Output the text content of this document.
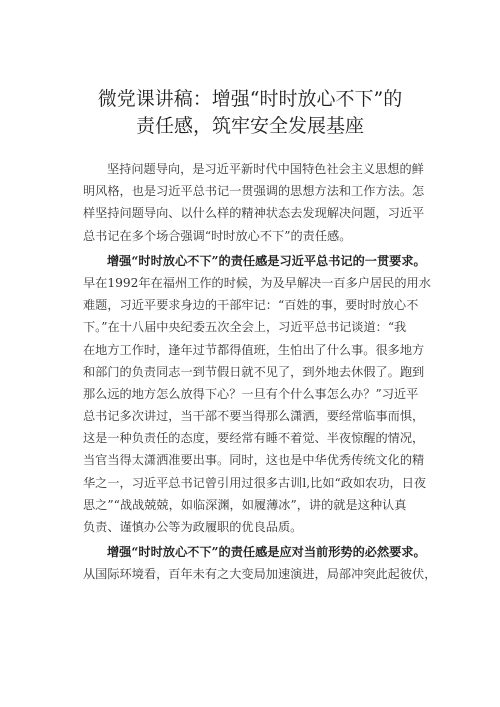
微党课讲稿：增强“时时放心不下”的
责任感，筑牢安全发展基座
坚持问题导向，是习近平新时代中国特色社会主义思想的鲜
明风格，也是习近平总书记一贯强调的思想方法和工作方法。怎
样坚持问题导向、以什么样的精神状态去发现解决问题，习近平
总书记在多个场合强调“时时放心不下”的责任感。
增强“时时放心不下”的责任感是习近平总书记的一贯要求。
早在1992年在福州工作的时候，为及早解决一百多户居民的用水
难题，习近平要求身边的干部牢记：“百姓的事，要时时放心不
下。”在十八届中央纪委五次全会上，习近平总书记谈道：“我
在地方工作时，逢年过节都得值班，生怕出了什么事。很多地方
和部门的负责同志一到节假日就不见了，到外地去休假了。跑到
那么远的地方怎么放得下心？一旦有个什么事怎么办？”习近平
总书记多次讲过，当干部不要当得那么潇洒，要经常临事而惧，
这是一种负责任的态度，要经常有睡不着觉、半夜惊醒的情况，
当官当得太潇洒准要出事。同时，这也是中华优秀传统文化的精
华之一，习近平总书记曾引用过很多古训l,比如“政如农功，日夜
思之”“战战兢兢，如临深渊，如履薄冰”，讲的就是这种认真
负责、谨慎办公等为政履职的优良品质。
增强“时时放心不下”的责任感是应对当前形势的必然要求。
从国际环境看，百年未有之大变局加速演进，局部冲突此起彼伏，
